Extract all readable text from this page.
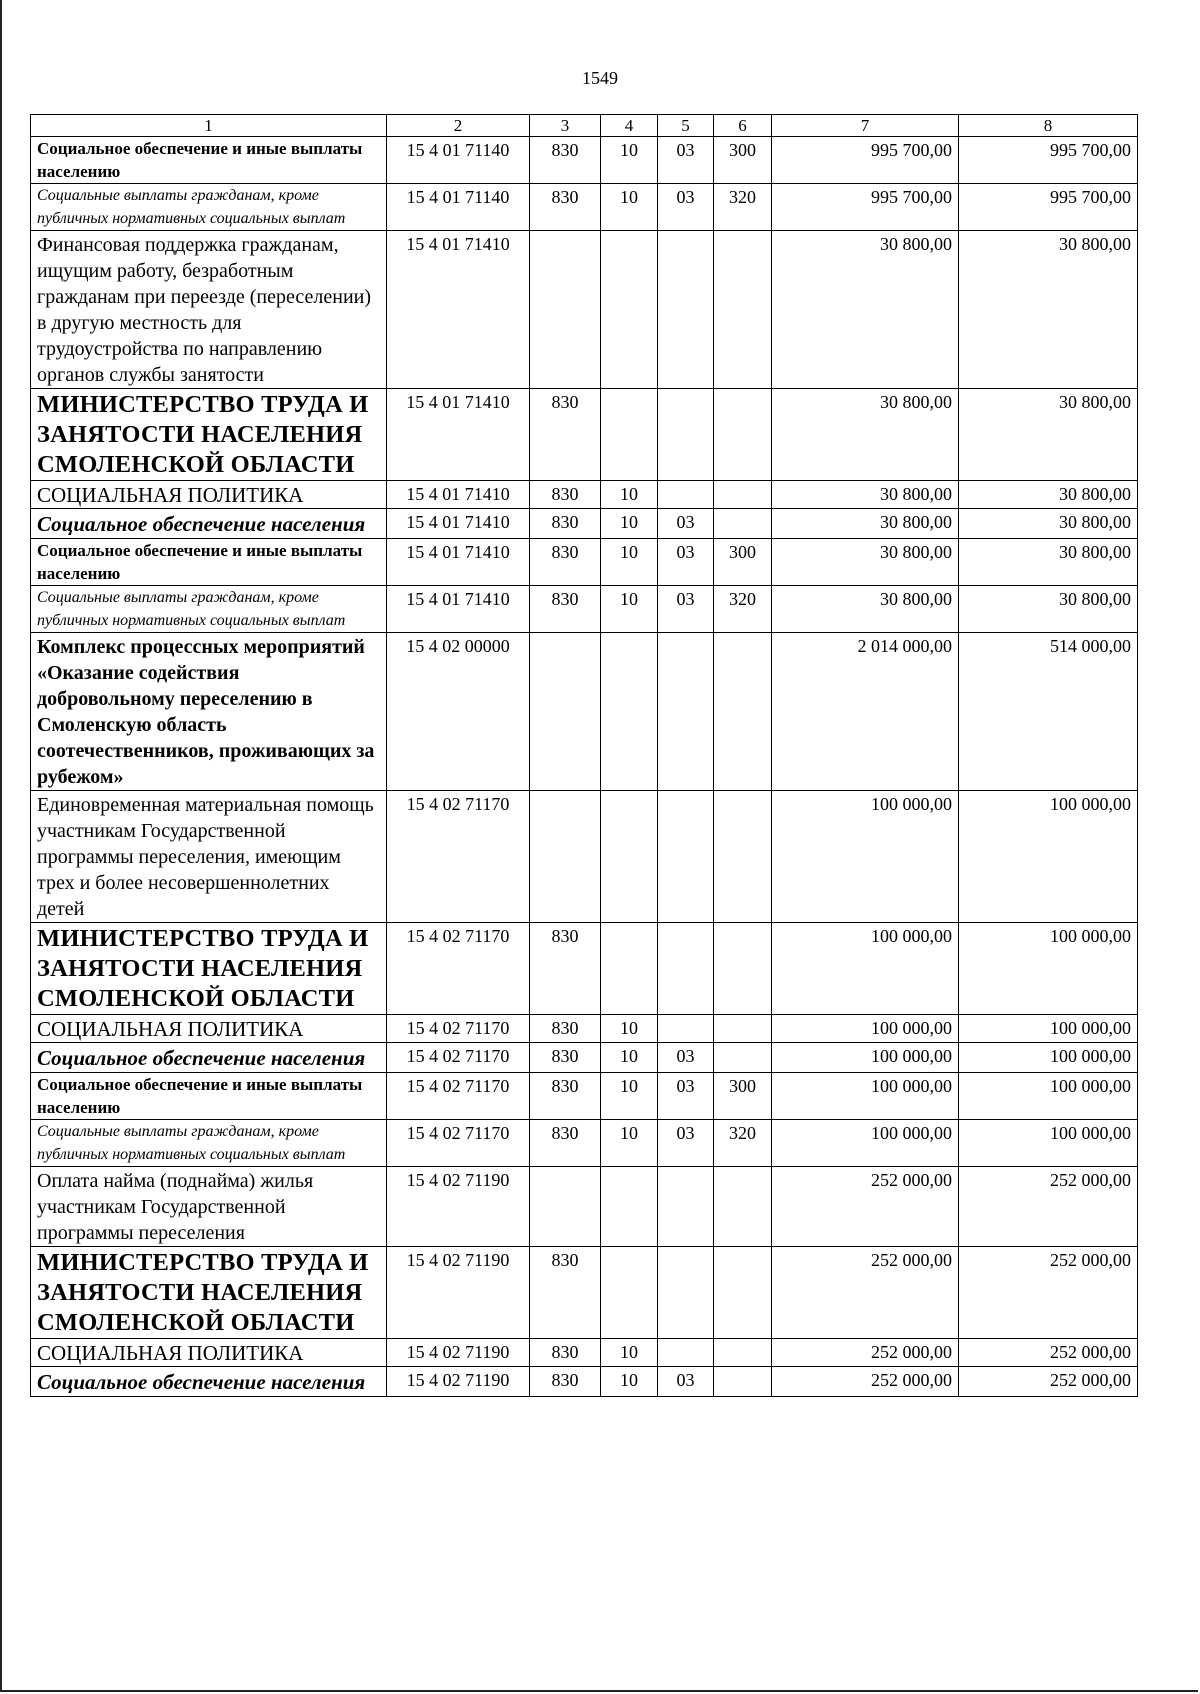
1549
1	2	3	4	5	6	7	8

Социальное обеспечение и иные выплаты населению	15 4 01 71140	830	10	03	300	995 700,00	995 700,00

Социальные выплаты гражданам, кроме публичных нормативных социальных выплат	15 4 01 71140	830	10	03	320	995 700,00	995 700,00

Финансовая поддержка гражданам, ищущим работу, безработным гражданам при переезде (переселении) в другую местность для трудоустройства по направлению органов службы занятости	15 4 01 71410					30 800,00	30 800,00

МИНИСТЕРСТВО ТРУДА И ЗАНЯТОСТИ НАСЕЛЕНИЯ СМОЛЕНСКОЙ ОБЛАСТИ	15 4 01 71410	830				30 800,00	30 800,00

СОЦИАЛЬНАЯ ПОЛИТИКА	15 4 01 71410	830	10			30 800,00	30 800,00

Социальное обеспечение населения	15 4 01 71410	830	10	03		30 800,00	30 800,00

Социальное обеспечение и иные выплаты населению	15 4 01 71410	830	10	03	300	30 800,00	30 800,00

Социальные выплаты гражданам, кроме публичных нормативных социальных выплат	15 4 01 71410	830	10	03	320	30 800,00	30 800,00

Комплекс процессных мероприятий «Оказание содействия добровольному переселению в Смоленскую область соотечественников, проживающих за рубежом»	15 4 02 00000					2 014 000,00	514 000,00

Единовременная материальная помощь участникам Государственной программы переселения, имеющим трех и более несовершеннолетних детей	15 4 02 71170					100 000,00	100 000,00

МИНИСТЕРСТВО ТРУДА И ЗАНЯТОСТИ НАСЕЛЕНИЯ СМОЛЕНСКОЙ ОБЛАСТИ	15 4 02 71170	830				100 000,00	100 000,00

СОЦИАЛЬНАЯ ПОЛИТИКА	15 4 02 71170	830	10			100 000,00	100 000,00

Социальное обеспечение населения	15 4 02 71170	830	10	03		100 000,00	100 000,00

Социальное обеспечение и иные выплаты населению	15 4 02 71170	830	10	03	300	100 000,00	100 000,00

Социальные выплаты гражданам, кроме публичных нормативных социальных выплат	15 4 02 71170	830	10	03	320	100 000,00	100 000,00

Оплата найма (поднайма) жилья участникам Государственной программы переселения	15 4 02 71190					252 000,00	252 000,00

МИНИСТЕРСТВО ТРУДА И ЗАНЯТОСТИ НАСЕЛЕНИЯ СМОЛЕНСКОЙ ОБЛАСТИ	15 4 02 71190	830				252 000,00	252 000,00

СОЦИАЛЬНАЯ ПОЛИТИКА	15 4 02 71190	830	10			252 000,00	252 000,00

Социальное обеспечение населения	15 4 02 71190	830	10	03		252 000,00	252 000,00
